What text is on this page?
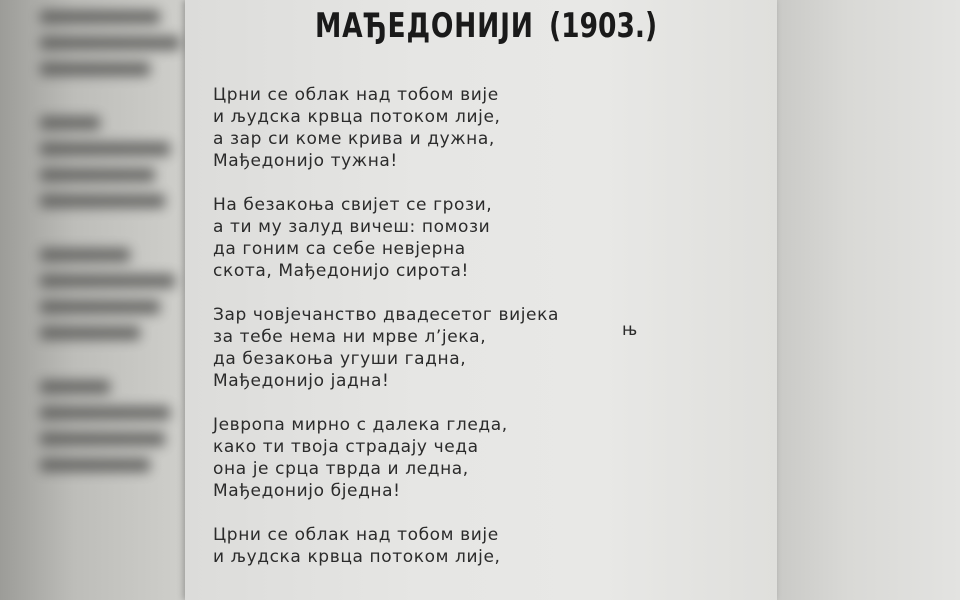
МАЂЕДОНИЈИ (1903.)
Црни се облак над тобом вије
и људска крвца потоком лије,
а зар си коме крива и дужна,
Мађедонијо тужна!
На безакоња свијет се грози,
а ти му залуд вичеш: помози
да гоним са себе невјерна
скота, Мађедонијо сирота!
Зар човјечанство двадесетог вијека
за тебе нема ни мрве л’јека,
да безакоња угуши гадна,
Мађедонијо јадна!
Јевропа мирно с далека гледа,
како ти твоја страдају чеда
она је срца тврда и ледна,
Мађедонијо бједна!
Црни се облак над тобом вије
и људска крвца потоком лије,
њ
